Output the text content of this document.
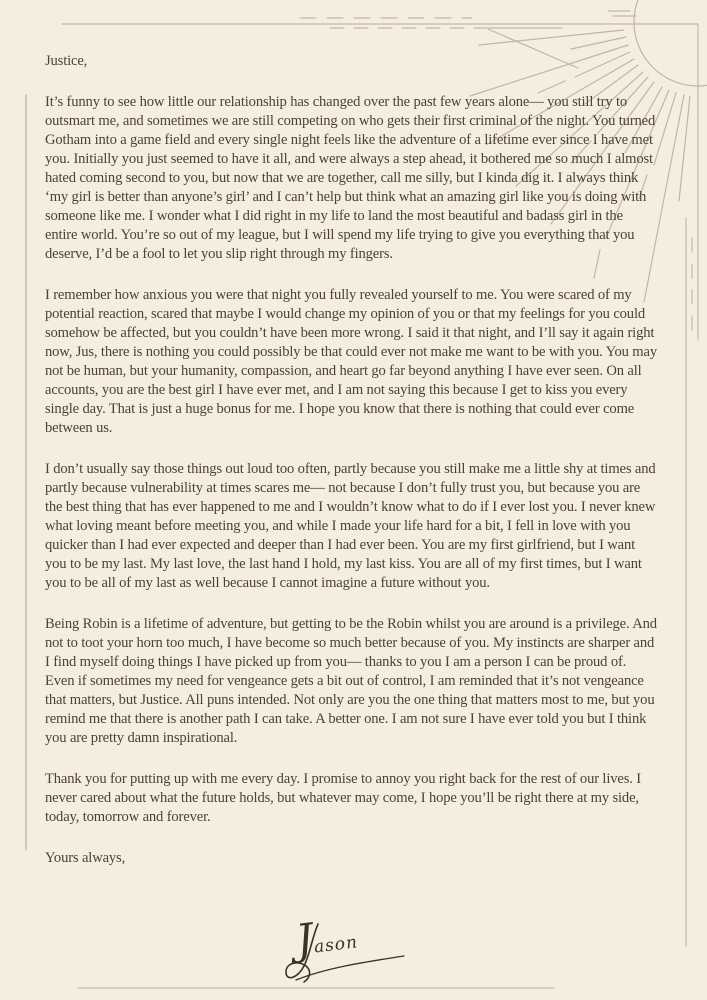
Justice,

It’s funny to see how little our relationship has changed over the past few years alone— you still try to outsmart me, and sometimes we are still competing on who gets their first criminal of the night. You turned Gotham into a game field and every single night feels like the adventure of a lifetime ever since I have met you. Initially you just seemed to have it all, and were always a step ahead, it bothered me so much I almost hated coming second to you, but now that we are together, call me silly, but I kinda dig it. I always think ‘my girl is better than anyone’s girl’ and I can’t help but think what an amazing girl like you is doing with someone like me. I wonder what I did right in my life to land the most beautiful and badass girl in the entire world. You’re so out of my league, but I will spend my life trying to give you everything that you deserve, I’d be a fool to let you slip right through my fingers.

I remember how anxious you were that night you fully revealed yourself to me. You were scared of my potential reaction, scared that maybe I would change my opinion of you or that my feelings for you could somehow be affected, but you couldn’t have been more wrong. I said it that night, and I’ll say it again right now, Jus, there is nothing you could possibly be that could ever not make me want to be with you. You may not be human, but your humanity, compassion, and heart go far beyond anything I have ever seen. On all accounts, you are the best girl I have ever met, and I am not saying this because I get to kiss you every single day. That is just a huge bonus for me. I hope you know that there is nothing that could ever come between us.

I don’t usually say those things out loud too often, partly because you still make me a little shy at times and partly because vulnerability at times scares me— not because I don’t fully trust you, but because you are the best thing that has ever happened to me and I wouldn’t know what to do if I ever lost you. I never knew what loving meant before meeting you, and while I made your life hard for a bit, I fell in love with you quicker than I had ever expected and deeper than I had ever been. You are my first girlfriend, but I want you to be my last. My last love, the last hand I hold, my last kiss. You are all of my first times, but I want you to be all of my last as well because I cannot imagine a future without you.

Being Robin is a lifetime of adventure, but getting to be the Robin whilst you are around is a privilege. And not to toot your horn too much, I have become so much better because of you. My instincts are sharper and I find myself doing things I have picked up from you— thanks to you I am a person I can be proud of. Even if sometimes my need for vengeance gets a bit out of control, I am reminded that it’s not vengeance that matters, but Justice. All puns intended. Not only are you the one thing that matters most to me, but you remind me that there is another path I can take. A better one. I am not sure I have ever told you but I think you are pretty damn inspirational.

Thank you for putting up with me every day. I promise to annoy you right back for the rest of our lives. I never cared about what the future holds, but whatever may come, I hope you’ll be right there at my side, today, tomorrow and forever.

Yours always,

Jason
